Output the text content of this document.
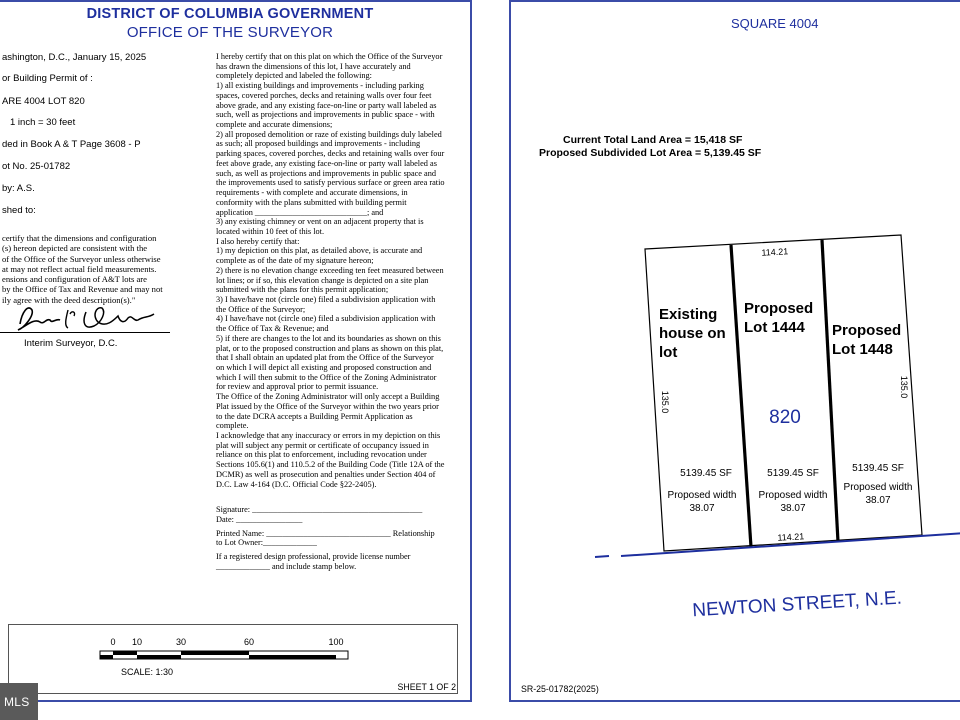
DISTRICT OF COLUMBIA GOVERNMENT
OFFICE OF THE SURVEYOR
ashington, D.C., January 15, 2025
or Building Permit of :
ARE 4004 LOT 820
1 inch = 30 feet
ded in Book A & T Page 3608 - P
ot No. 25-01782
by: A.S.
shed to:
certify that the dimensions and configuration
(s) hereon depicted are consistent with the
of the Office of the Surveyor unless otherwise
at may not reflect actual field measurements.
ensions and configuration of A&T lots are
by the Office of Tax and Revenue and may not
ily agree with the deed description(s)."
Interim Surveyor, D.C.
I hereby certify that on this plat on which the Office of the Surveyor
has drawn the dimensions of this lot, I have accurately and
completely depicted and labeled the following:
1) all existing buildings and improvements - including parking
spaces, covered porches, decks and retaining walls over four feet
above grade, and any existing face-on-line or party wall labeled as
such, well as projections and improvements in public space - with
complete and accurate dimensions;
2) all proposed demolition or raze of existing buildings duly labeled
as such; all proposed buildings and improvements - including
parking spaces, covered porches, decks and retaining walls over four
feet above grade, any existing face-on-line or party wall labeled as
such, as well as projections and improvements in public space and
the improvements used to satisfy pervious surface or green area ratio
requirements - with complete and accurate dimensions, in
conformity with the plans submitted with building permit
application ___________________________; and
3) any existing chimney or vent on an adjacent property that is
located within 10 feet of this lot.
I also hereby certify that:
1) my depiction on this plat, as detailed above, is accurate and
complete as of the date of my signature hereon;
2) there is no elevation change exceeding ten feet measured between
lot lines; or if so, this elevation change is depicted on a site plan
submitted with the plans for this permit application;
3) I have/have not (circle one) filed a subdivision application with
the Office of the Surveyor;
4) I have/have not (circle one) filed a subdivision application with
the Office of Tax & Revenue; and
5) if there are changes to the lot and its boundaries as shown on this
plat, or to the proposed construction and plans as shown on this plat,
that I shall obtain an updated plat from the Office of the Surveyor
on which I will depict all existing and proposed construction and
which I will then submit to the Office of the Zoning Administrator
for review and approval prior to permit issuance.
The Office of the Zoning Administrator will only accept a Building
Plat issued by the Office of the Surveyor within the two years prior
to the date DCRA accepts a Building Permit Application as
complete.
I acknowledge that any inaccuracy or errors in my depiction on this
plat will subject any permit or certificate of occupancy issued in
reliance on this plat to enforcement, including revocation under
Sections 105.6(1) and 110.5.2 of the Building Code (Title 12A of the
DCMR) as well as prosecution and penalties under Section 404 of
D.C. Law 4-164 (D.C. Official Code §22-2405).
Signature: _________________________________________
Date: ________________
Printed Name: ______________________________ Relationship
to Lot Owner:_____________
If a registered design professional, provide license number
_____________ and include stamp below.
0 10	30	60	100
SCALE: 1:30
SHEET 1 OF 2
SQUARE 4004
Current Total Land Area = 15,418 SF
Proposed Subdivided Lot Area = 5,139.45 SF
114.21
114.21
135.0
135.0
Existing
house on
lot
Proposed
Lot 1444 Proposed
Lot 1448
820
5139.45 SF	5139.45 SF	5139.45 SF
Proposed width
38.07
Proposed width
38.07
Proposed width
38.07
NEWTON STREET, N.E.
SR-25-01782(2025)
MLS
